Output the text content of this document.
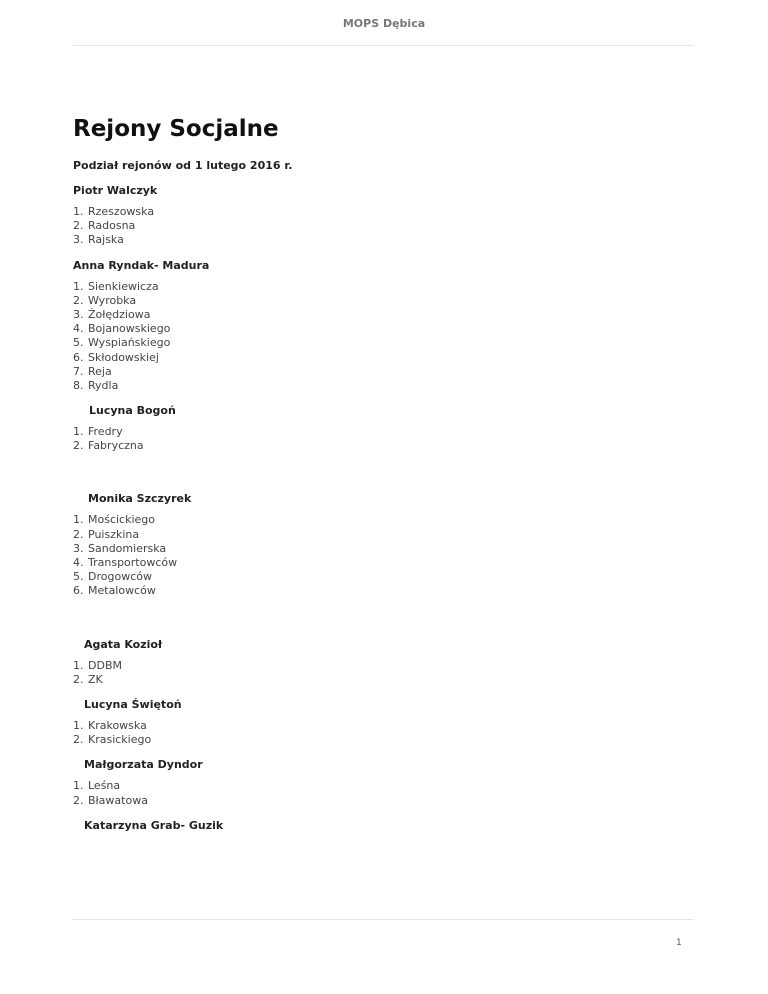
MOPS Dębica
Rejony Socjalne

Podział rejonów od 1 lutego 2016 r.

Piotr Walczyk

1. Rzeszowska
2. Radosna
3. Rajska

Anna Ryndak- Madura

1. Sienkiewicza
2. Wyrobka
3. Żołędziowa
4. Bojanowskiego
5. Wyspiańskiego
6. Skłodowskiej
7. Reja
8. Rydla

Lucyna Bogoń

1. Fredry
2. Fabryczna

Monika Szczyrek

1. Mościckiego
2. Puiszkina
3. Sandomierska
4. Transportowców
5. Drogowców
6. Metalowców

Agata Kozioł

1. DDBM
2. ZK

Lucyna Świętoń

1. Krakowska
2. Krasickiego

Małgorzata Dyndor

1. Leśna
2. Bławatowa

Katarzyna Grab- Guzik

1
